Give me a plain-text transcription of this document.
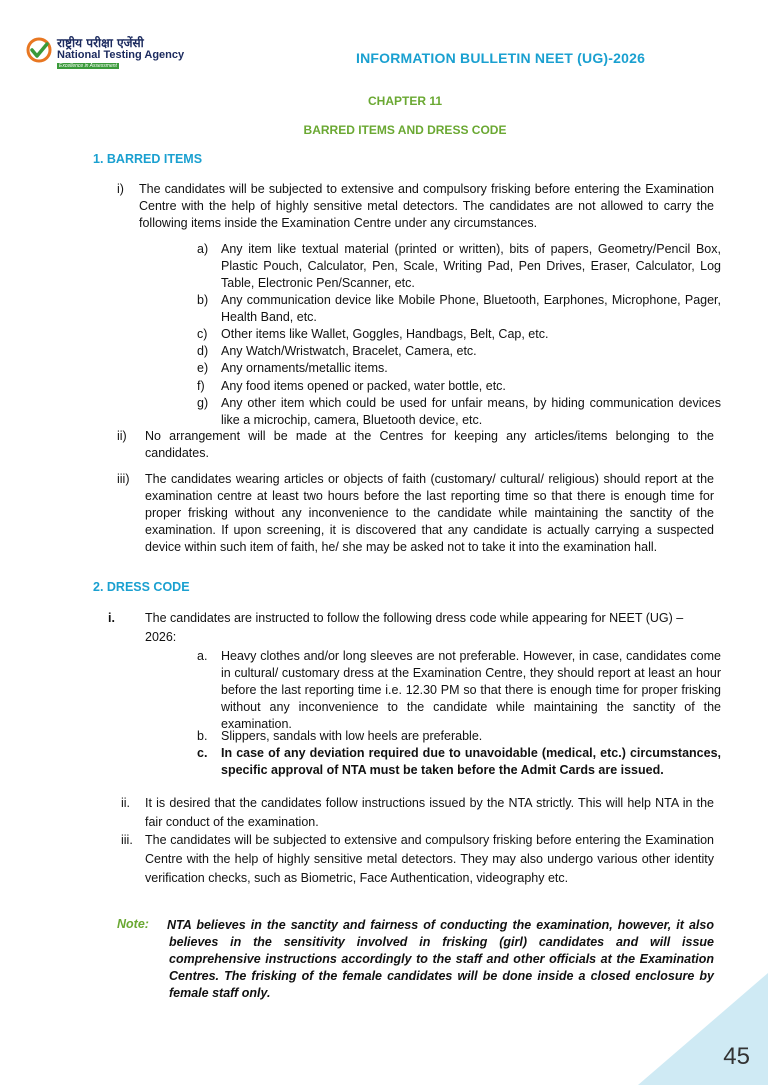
राष्ट्रीय परीक्षा एजेंसी
National Testing Agency
Excellence in Assessment	INFORMATION BULLETIN NEET (UG)-2026
CHAPTER 11
BARRED ITEMS AND DRESS CODE
1. BARRED ITEMS
i) The candidates will be subjected to extensive and compulsory frisking before entering the Examination Centre with the help of highly sensitive metal detectors. The candidates are not allowed to carry the following items inside the Examination Centre under any circumstances.
a) Any item like textual material (printed or written), bits of papers, Geometry/Pencil Box, Plastic Pouch, Calculator, Pen, Scale, Writing Pad, Pen Drives, Eraser, Calculator, Log Table, Electronic Pen/Scanner, etc.
b) Any communication device like Mobile Phone, Bluetooth, Earphones, Microphone, Pager, Health Band, etc.
c) Other items like Wallet, Goggles, Handbags, Belt, Cap, etc.
d) Any Watch/Wristwatch, Bracelet, Camera, etc.
e) Any ornaments/metallic items.
f) Any food items opened or packed, water bottle, etc.
g) Any other item which could be used for unfair means, by hiding communication devices like a microchip, camera, Bluetooth device, etc.
ii) No arrangement will be made at the Centres for keeping any articles/items belonging to the candidates.
iii) The candidates wearing articles or objects of faith (customary/ cultural/ religious) should report at the examination centre at least two hours before the last reporting time so that there is enough time for proper frisking without any inconvenience to the candidate while maintaining the sanctity of the examination. If upon screening, it is discovered that any candidate is actually carrying a suspected device within such item of faith, he/ she may be asked not to take it into the examination hall.
2. DRESS CODE
i. The candidates are instructed to follow the following dress code while appearing for NEET (UG) –2026:
a. Heavy clothes and/or long sleeves are not preferable. However, in case, candidates come in cultural/ customary dress at the Examination Centre, they should report at least an hour before the last reporting time i.e. 12.30 PM so that there is enough time for proper frisking without any inconvenience to the candidate while maintaining the sanctity of the examination.
b. Slippers, sandals with low heels are preferable.
c. In case of any deviation required due to unavoidable (medical, etc.) circumstances, specific approval of NTA must be taken before the Admit Cards are issued.
ii. It is desired that the candidates follow instructions issued by the NTA strictly. This will help NTA in the fair conduct of the examination.
iii. The candidates will be subjected to extensive and compulsory frisking before entering the Examination Centre with the help of highly sensitive metal detectors. They may also undergo various other identity verification checks, such as Biometric, Face Authentication, videography etc.
Note: NTA believes in the sanctity and fairness of conducting the examination, however, it also believes in the sensitivity involved in frisking (girl) candidates and will issue comprehensive instructions accordingly to the staff and other officials at the Examination Centres. The frisking of the female candidates will be done inside a closed enclosure by female staff only.
45
